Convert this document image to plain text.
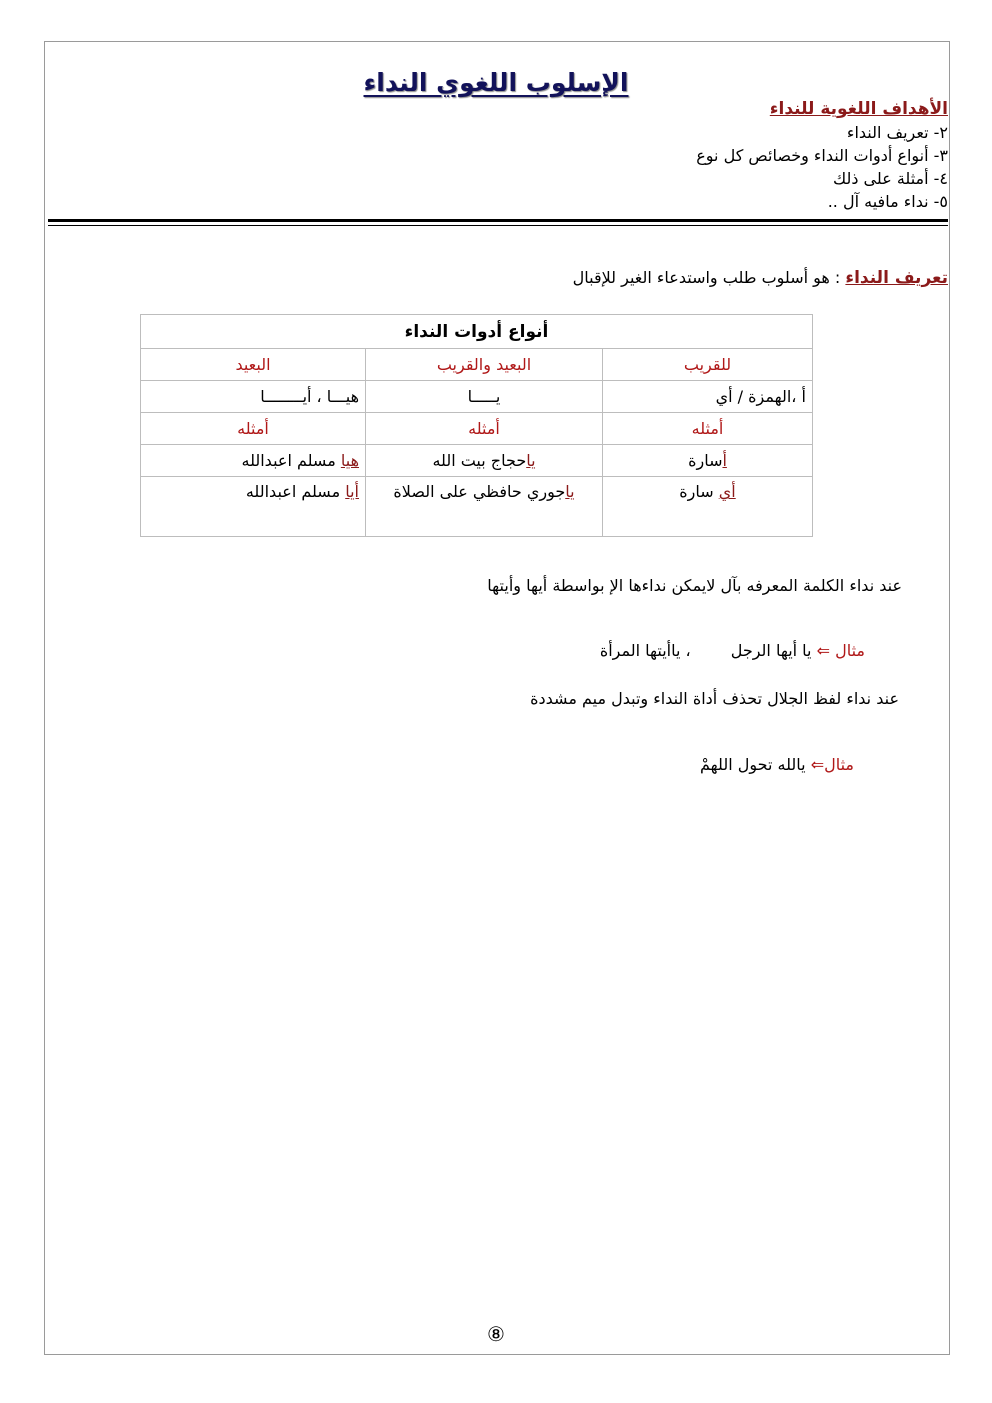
الإسلوب اللغوي النداء
الأهداف اللغوية للنداء
٢- تعريف النداء
٣- أنواع أدوات النداء وخصائص كل نوع
٤- أمثلة على ذلك
٥- نداء مافيه آل ..
تعريف النداء : هو أسلوب طلب واستدعاء الغير للإقبال
أنواع أدوات النداء		
للقريب	البعيد والقريب	البعيد
أ ،الهمزة / أي	يـــــا	هيـــا ، أيــــــــا
أمثله	أمثله	أمثله
أسارة	ياحجاج بيت الله	هيا مسلم اعبدالله
أي سارة	ياجوري حافظي على الصلاة	أيا مسلم اعبدالله
عند نداء الكلمة المعرفه بآل لايمكن نداءها الإ بواسطة أيها وأيتها
مثال ⇐ يا أيها الرجل، يا‌أيتها المرأة
عند نداء لفظ الجلال تحذف أداة النداء وتبدل ميم مشددة
مثال⇐ يالله تحول اللهمْ
⑧
